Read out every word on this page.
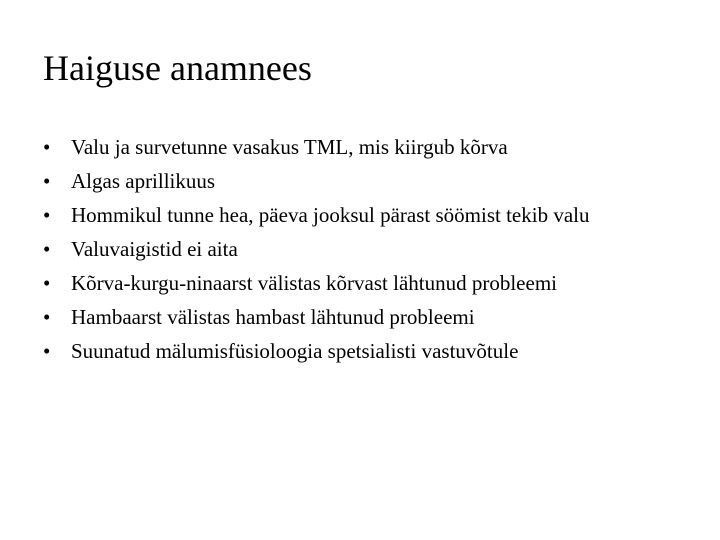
Haiguse anamnees
• Valu ja survetunne vasakus TML, mis kiirgub kõrva
• Algas aprillikuus
• Hommikul tunne hea, päeva jooksul pärast söömist tekib valu
• Valuvaigistid ei aita
• Kõrva-kurgu-ninaarst välistas kõrvast lähtunud probleemi
• Hambaarst välistas hambast lähtunud probleemi
• Suunatud mälumisfüsioloogia spetsialisti vastuvõtule
